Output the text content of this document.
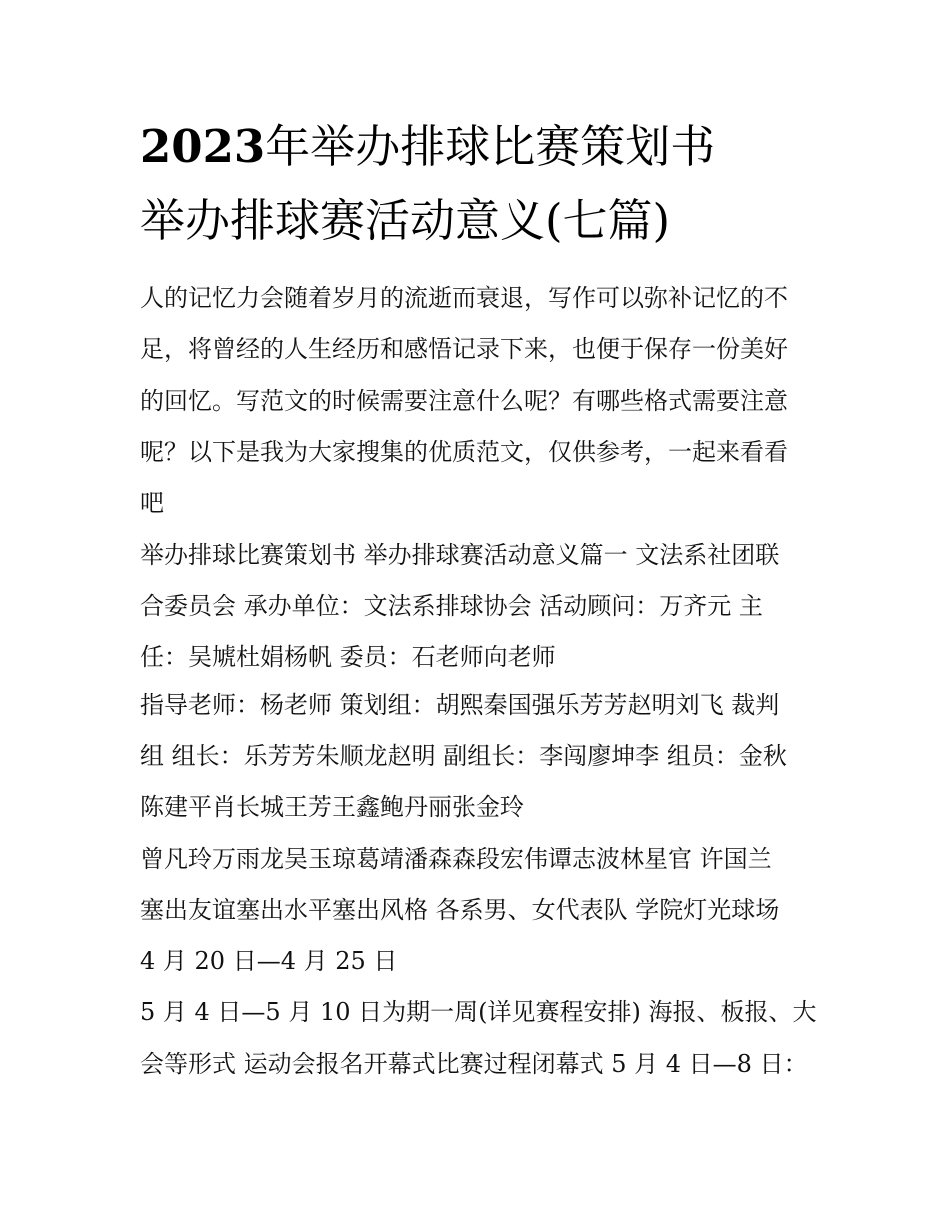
2023年举办排球比赛策划书
举办排球赛活动意义(七篇)
人的记忆力会随着岁月的流逝而衰退，写作可以弥补记忆的不
足，将曾经的人生经历和感悟记录下来，也便于保存一份美好
的回忆。写范文的时候需要注意什么呢？有哪些格式需要注意
呢？以下是我为大家搜集的优质范文，仅供参考，一起来看看
吧
举办排球比赛策划书 举办排球赛活动意义篇一 文法系社团联
合委员会 承办单位：文法系排球协会 活动顾问：万齐元 主
任：吴虓杜娟杨帆 委员：石老师向老师
指导老师：杨老师 策划组：胡熙秦国强乐芳芳赵明刘飞 裁判
组 组长：乐芳芳朱顺龙赵明 副组长：李闯廖坤李 组员：金秋
陈建平肖长城王芳王鑫鲍丹丽张金玲
曾凡玲万雨龙吴玉琼葛靖潘森森段宏伟谭志波林星官 许国兰
塞出友谊塞出水平塞出风格 各系男、女代表队 学院灯光球场
4 月 20 日—4 月 25 日
5 月 4 日—5 月 10 日为期一周(详见赛程安排) 海报、板报、大
会等形式 运动会报名开幕式比赛过程闭幕式 5 月 4 日—8 日：
